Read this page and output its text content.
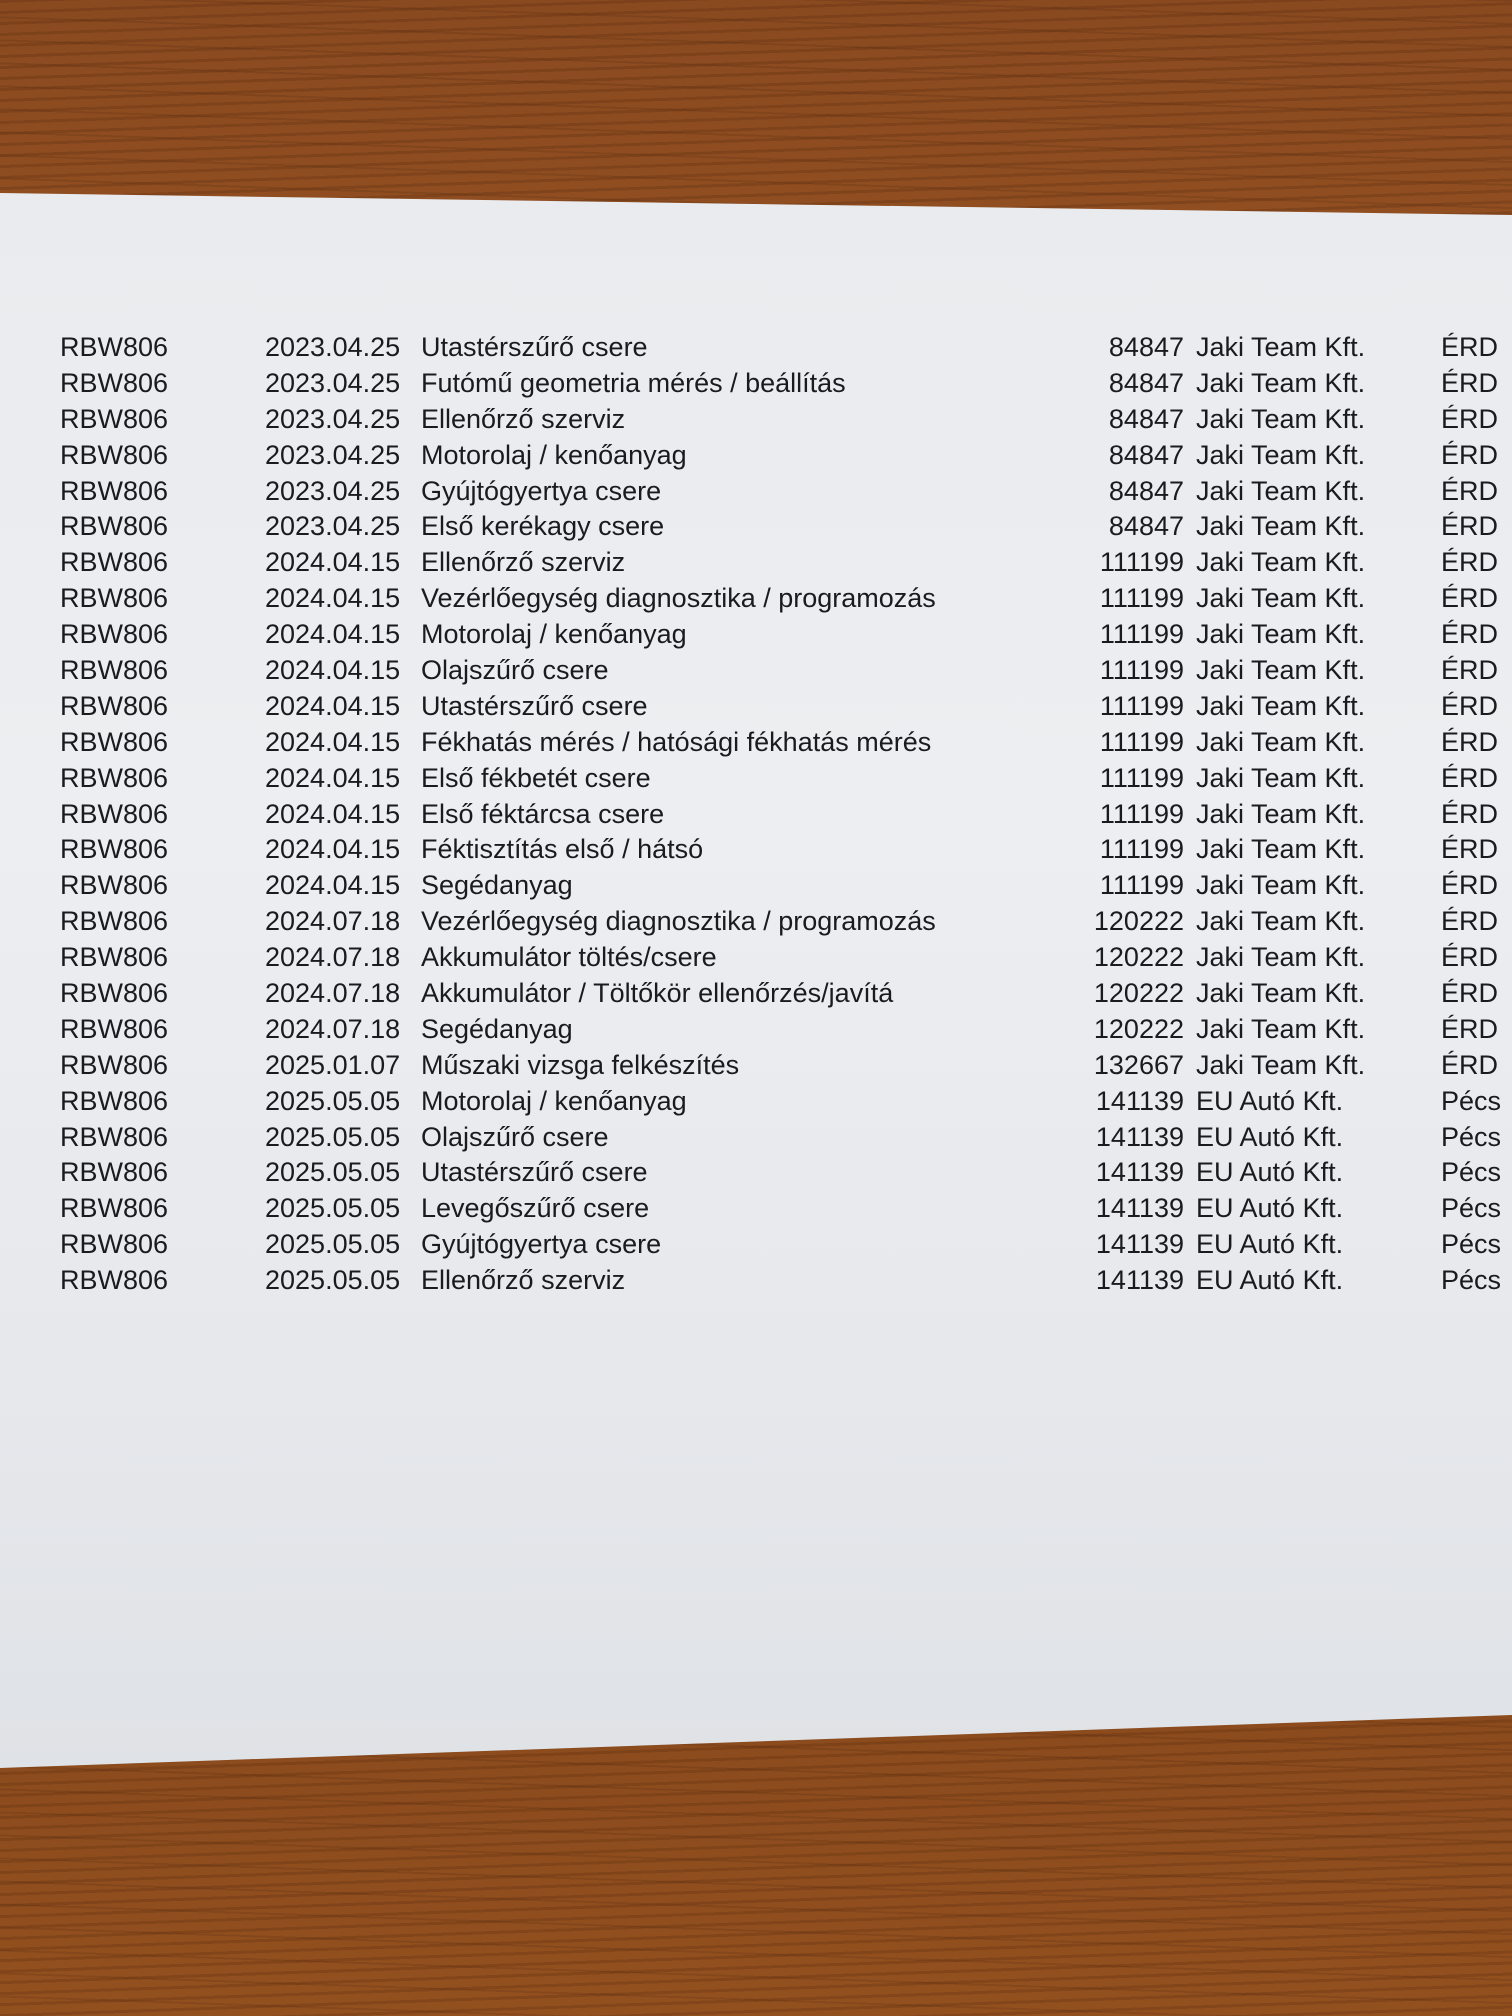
RBW806	2023.04.25 Utastérszűrő csere	84847 Jaki Team Kft.	ÉRD
RBW806	2023.04.25 Futómű geometria mérés / beállítás	84847 Jaki Team Kft.	ÉRD
RBW806	2023.04.25 Ellenőrző szerviz	84847 Jaki Team Kft.	ÉRD
RBW806	2023.04.25 Motorolaj / kenőanyag	84847 Jaki Team Kft.	ÉRD
RBW806	2023.04.25 Gyújtógyertya csere	84847 Jaki Team Kft.	ÉRD
RBW806	2023.04.25 Első kerékagy csere	84847 Jaki Team Kft.	ÉRD
RBW806	2024.04.15 Ellenőrző szerviz	111199 Jaki Team Kft.	ÉRD
RBW806	2024.04.15 Vezérlőegység diagnosztika / programozás	111199 Jaki Team Kft.	ÉRD
RBW806	2024.04.15 Motorolaj / kenőanyag	111199 Jaki Team Kft.	ÉRD
RBW806	2024.04.15 Olajszűrő csere	111199 Jaki Team Kft.	ÉRD
RBW806	2024.04.15 Utastérszűrő csere	111199 Jaki Team Kft.	ÉRD
RBW806	2024.04.15 Fékhatás mérés / hatósági fékhatás mérés	111199 Jaki Team Kft.	ÉRD
RBW806	2024.04.15 Első fékbetét csere	111199 Jaki Team Kft.	ÉRD
RBW806	2024.04.15 Első féktárcsa csere	111199 Jaki Team Kft.	ÉRD
RBW806	2024.04.15 Féktisztítás első / hátsó	111199 Jaki Team Kft.	ÉRD
RBW806	2024.04.15 Segédanyag	111199 Jaki Team Kft.	ÉRD
RBW806	2024.07.18 Vezérlőegység diagnosztika / programozás	120222 Jaki Team Kft.	ÉRD
RBW806	2024.07.18 Akkumulátor töltés/csere	120222 Jaki Team Kft.	ÉRD
RBW806	2024.07.18 Akkumulátor / Töltőkör ellenőrzés/javítá	120222 Jaki Team Kft.	ÉRD
RBW806	2024.07.18 Segédanyag	120222 Jaki Team Kft.	ÉRD
RBW806	2025.01.07 Műszaki vizsga felkészítés	132667 Jaki Team Kft.	ÉRD
RBW806	2025.05.05 Motorolaj / kenőanyag	141139 EU Autó Kft.	Pécs
RBW806	2025.05.05 Olajszűrő csere	141139 EU Autó Kft.	Pécs
RBW806	2025.05.05 Utastérszűrő csere	141139 EU Autó Kft.	Pécs
RBW806	2025.05.05 Levegőszűrő csere	141139 EU Autó Kft.	Pécs
RBW806	2025.05.05 Gyújtógyertya csere	141139 EU Autó Kft.	Pécs
RBW806	2025.05.05 Ellenőrző szerviz	141139 EU Autó Kft.	Pécs
